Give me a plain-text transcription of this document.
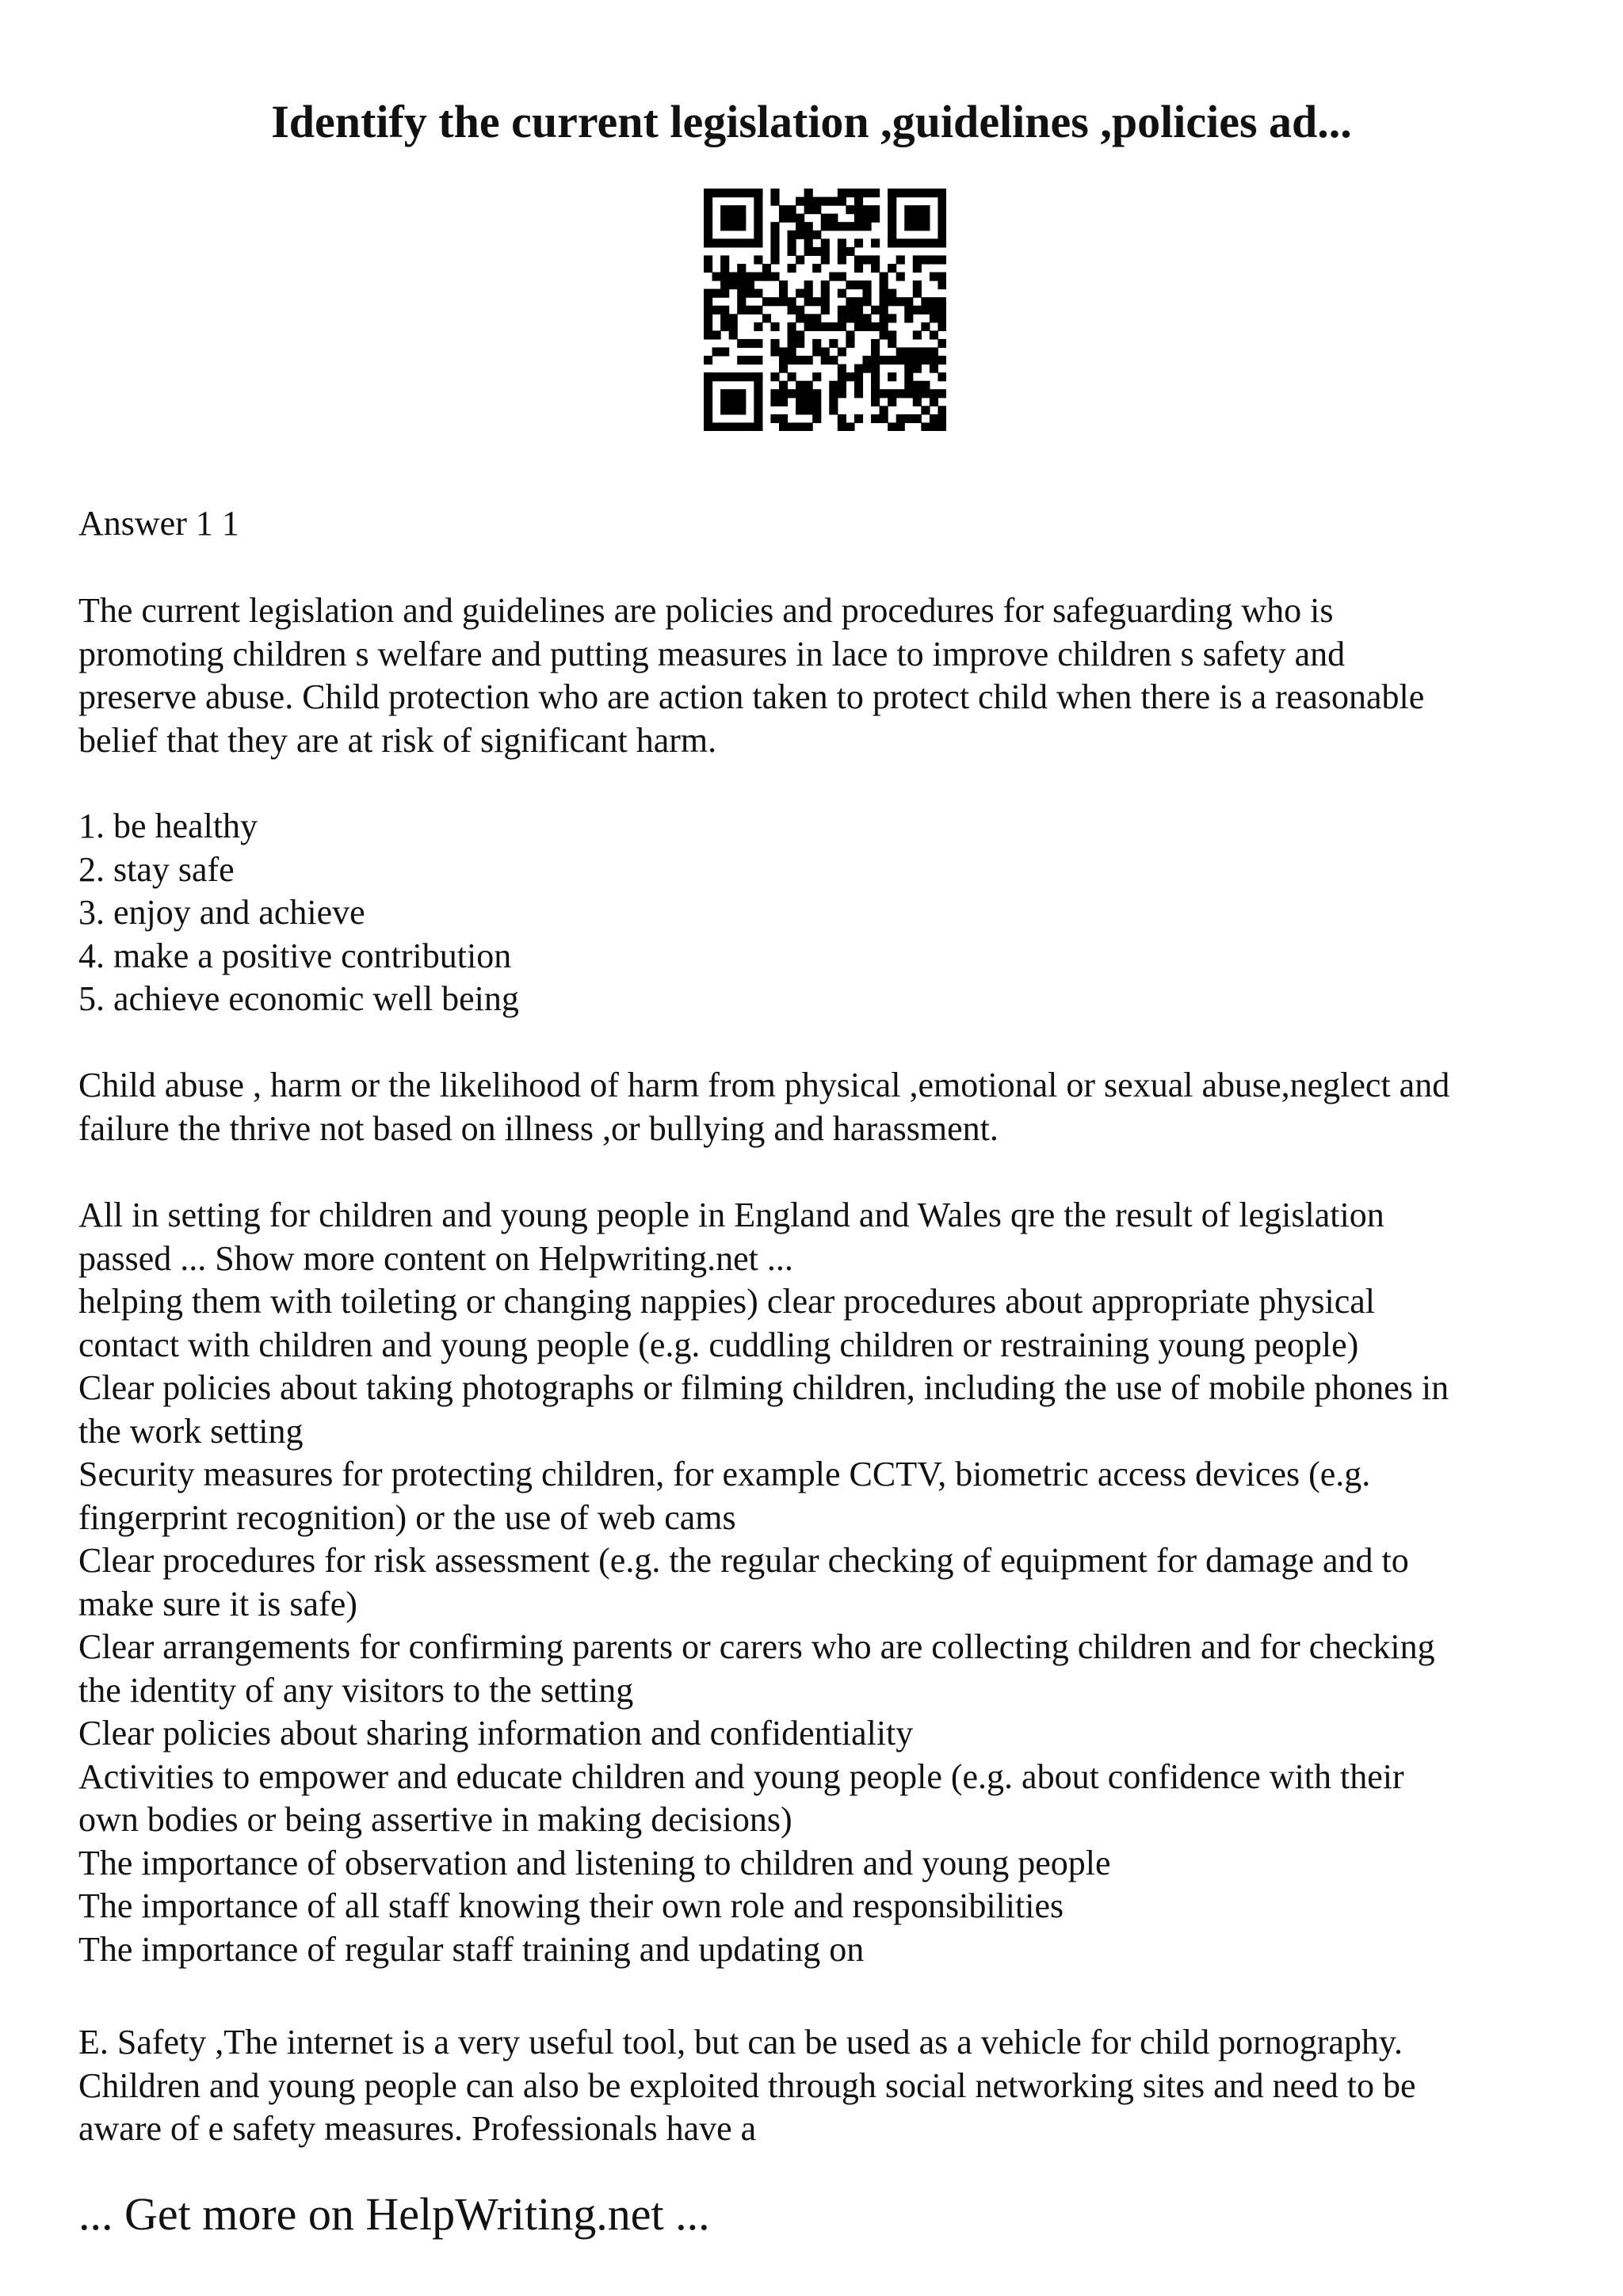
Identify the current legislation ,guidelines ,policies ad...

Answer 1 1

The current legislation and guidelines are policies and procedures for safeguarding who is
promoting children s welfare and putting measures in lace to improve children s safety and
preserve abuse. Child protection who are action taken to protect child when there is a reasonable
belief that they are at risk of significant harm.

1. be healthy
2. stay safe
3. enjoy and achieve
4. make a positive contribution
5. achieve economic well being

Child abuse , harm or the likelihood of harm from physical ,emotional or sexual abuse,neglect and
failure the thrive not based on illness ,or bullying and harassment.

All in setting for children and young people in England and Wales qre the result of legislation
passed ... Show more content on Helpwriting.net ...
helping them with toileting or changing nappies) clear procedures about appropriate physical
contact with children and young people (e.g. cuddling children or restraining young people)
Clear policies about taking photographs or filming children, including the use of mobile phones in
the work setting
Security measures for protecting children, for example CCTV, biometric access devices (e.g.
fingerprint recognition) or the use of web cams
Clear procedures for risk assessment (e.g. the regular checking of equipment for damage and to
make sure it is safe)
Clear arrangements for confirming parents or carers who are collecting children and for checking
the identity of any visitors to the setting
Clear policies about sharing information and confidentiality
Activities to empower and educate children and young people (e.g. about confidence with their
own bodies or being assertive in making decisions)
The importance of observation and listening to children and young people
The importance of all staff knowing their own role and responsibilities
The importance of regular staff training and updating on

E. Safety ,The internet is a very useful tool, but can be used as a vehicle for child pornography.
Children and young people can also be exploited through social networking sites and need to be
aware of e safety measures. Professionals have a

... Get more on HelpWriting.net ...
